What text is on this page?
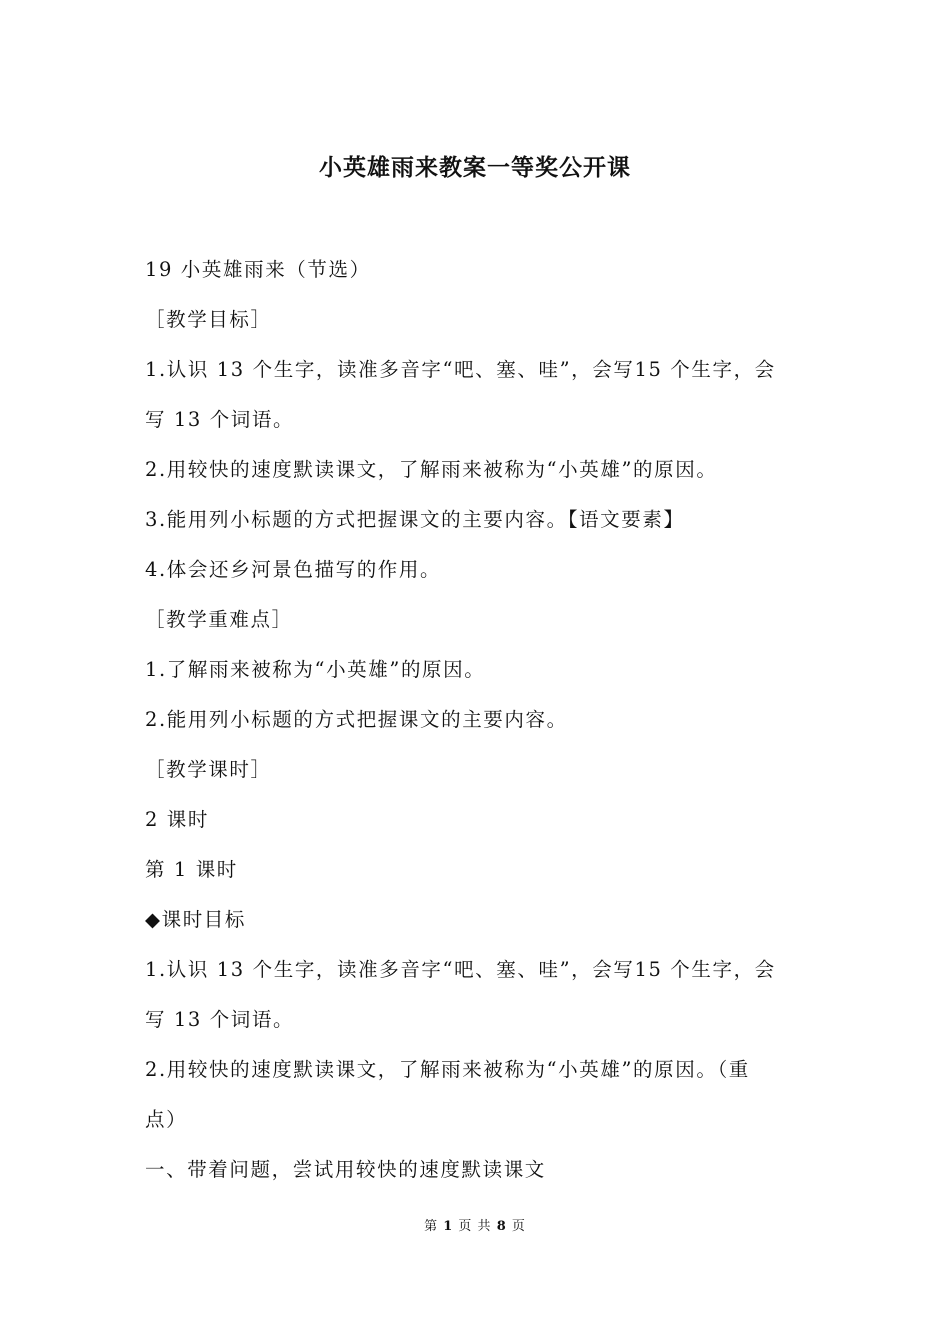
小英雄雨来教案一等奖公开课
19 小英雄雨来（节选）
［教学目标］
1.认识 13 个生字，读准多音字“吧、塞、哇”，会写15 个生字，会
写 13 个词语。
2.用较快的速度默读课文，了解雨来被称为“小英雄”的原因。
3.能用列小标题的方式把握课文的主要内容。【语文要素】
4.体会还乡河景色描写的作用。
［教学重难点］
1.了解雨来被称为“小英雄”的原因。
2.能用列小标题的方式把握课文的主要内容。
［教学课时］
2 课时
第 1 课时
◆课时目标
1.认识 13 个生字，读准多音字“吧、塞、哇”，会写15 个生字，会
写 13 个词语。
2.用较快的速度默读课文，了解雨来被称为“小英雄”的原因。（重
点）
一、带着问题，尝试用较快的速度默读课文
第 1 页 共 8 页
